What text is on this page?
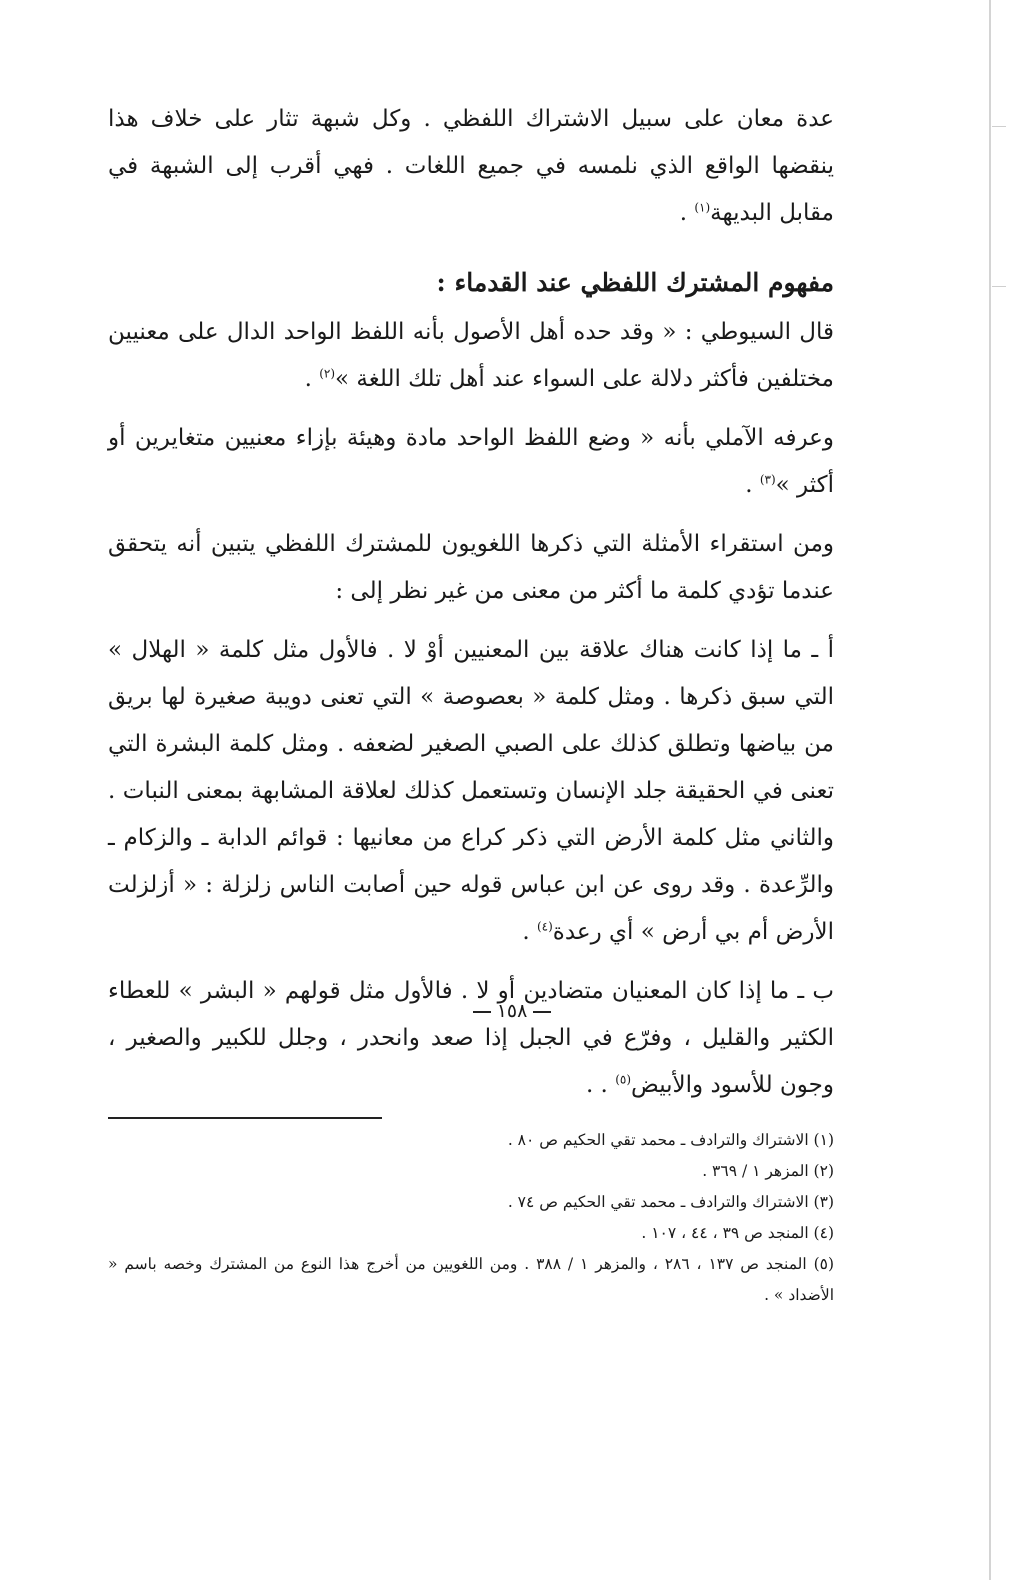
عدة معان على سبيل الاشتراك اللفظي . وكل شبهة تثار على خلاف هذا ينقضها الواقع الذي نلمسه في جميع اللغات . فهي أقرب إلى الشبهة في مقابل البديهة$^{(١)}$ .

مفهوم المشترك اللفظي عند القدماء :

قال السيوطي : « وقد حده أهل الأصول بأنه اللفظ الواحد الدال على معنيين مختلفين فأكثر دلالة على السواء عند أهل تلك اللغة »$^{(٢)}$ .

وعرفه الآملي بأنه « وضع اللفظ الواحد مادة وهيئة بإزاء معنيين متغايرين أو أكثر »$^{(٣)}$ .

ومن استقراء الأمثلة التي ذكرها اللغويون للمشترك اللفظي يتبين أنه يتحقق عندما تؤدي كلمة ما أكثر من معنى من غير نظر إلى :

أ ـ ما إذا كانت هناك علاقة بين المعنيين أوْ لا . فالأول مثل كلمة « الهلال » التي سبق ذكرها . ومثل كلمة « بعصوصة » التي تعنى دويبة صغيرة لها بريق من بياضها وتطلق كذلك على الصبي الصغير لضعفه . ومثل كلمة البشرة التي تعنى في الحقيقة جلد الإنسان وتستعمل كذلك لعلاقة المشابهة بمعنى النبات . والثاني مثل كلمة الأرض التي ذكر كراع من معانيها : قوائم الدابة ـ والزكام ـ والرِّعدة . وقد روى عن ابن عباس قوله حين أصابت الناس زلزلة : « أزلزلت الأرض أم بي أرض » أي رعدة$^{(٤)}$ .

ب ـ ما إذا كان المعنيان متضادين أو لا . فالأول مثل قولهم « البشر » للعطاء الكثير والقليل ، وفرّع في الجبل إذا صعد وانحدر ، وجلل للكبير والصغير ، وجون للأسود والأبيض$^{(٥)}$ . .

(١) الاشتراك والترادف ـ محمد تقي الحكيم ص ٨٠ .

(٢) المزهر ١ / ٣٦٩ .

(٣) الاشتراك والترادف ـ محمد تقي الحكيم ص ٧٤ .

(٤) المنجد ص ٣٩ ، ٤٤ ، ١٠٧ .

(٥) المنجد ص ١٣٧ ، ٢٨٦ ، والمزهر ١ / ٣٨٨ . ومن اللغويين من أخرج هذا النوع من المشترك وخصه باسم « الأضداد » .

١٥٨
